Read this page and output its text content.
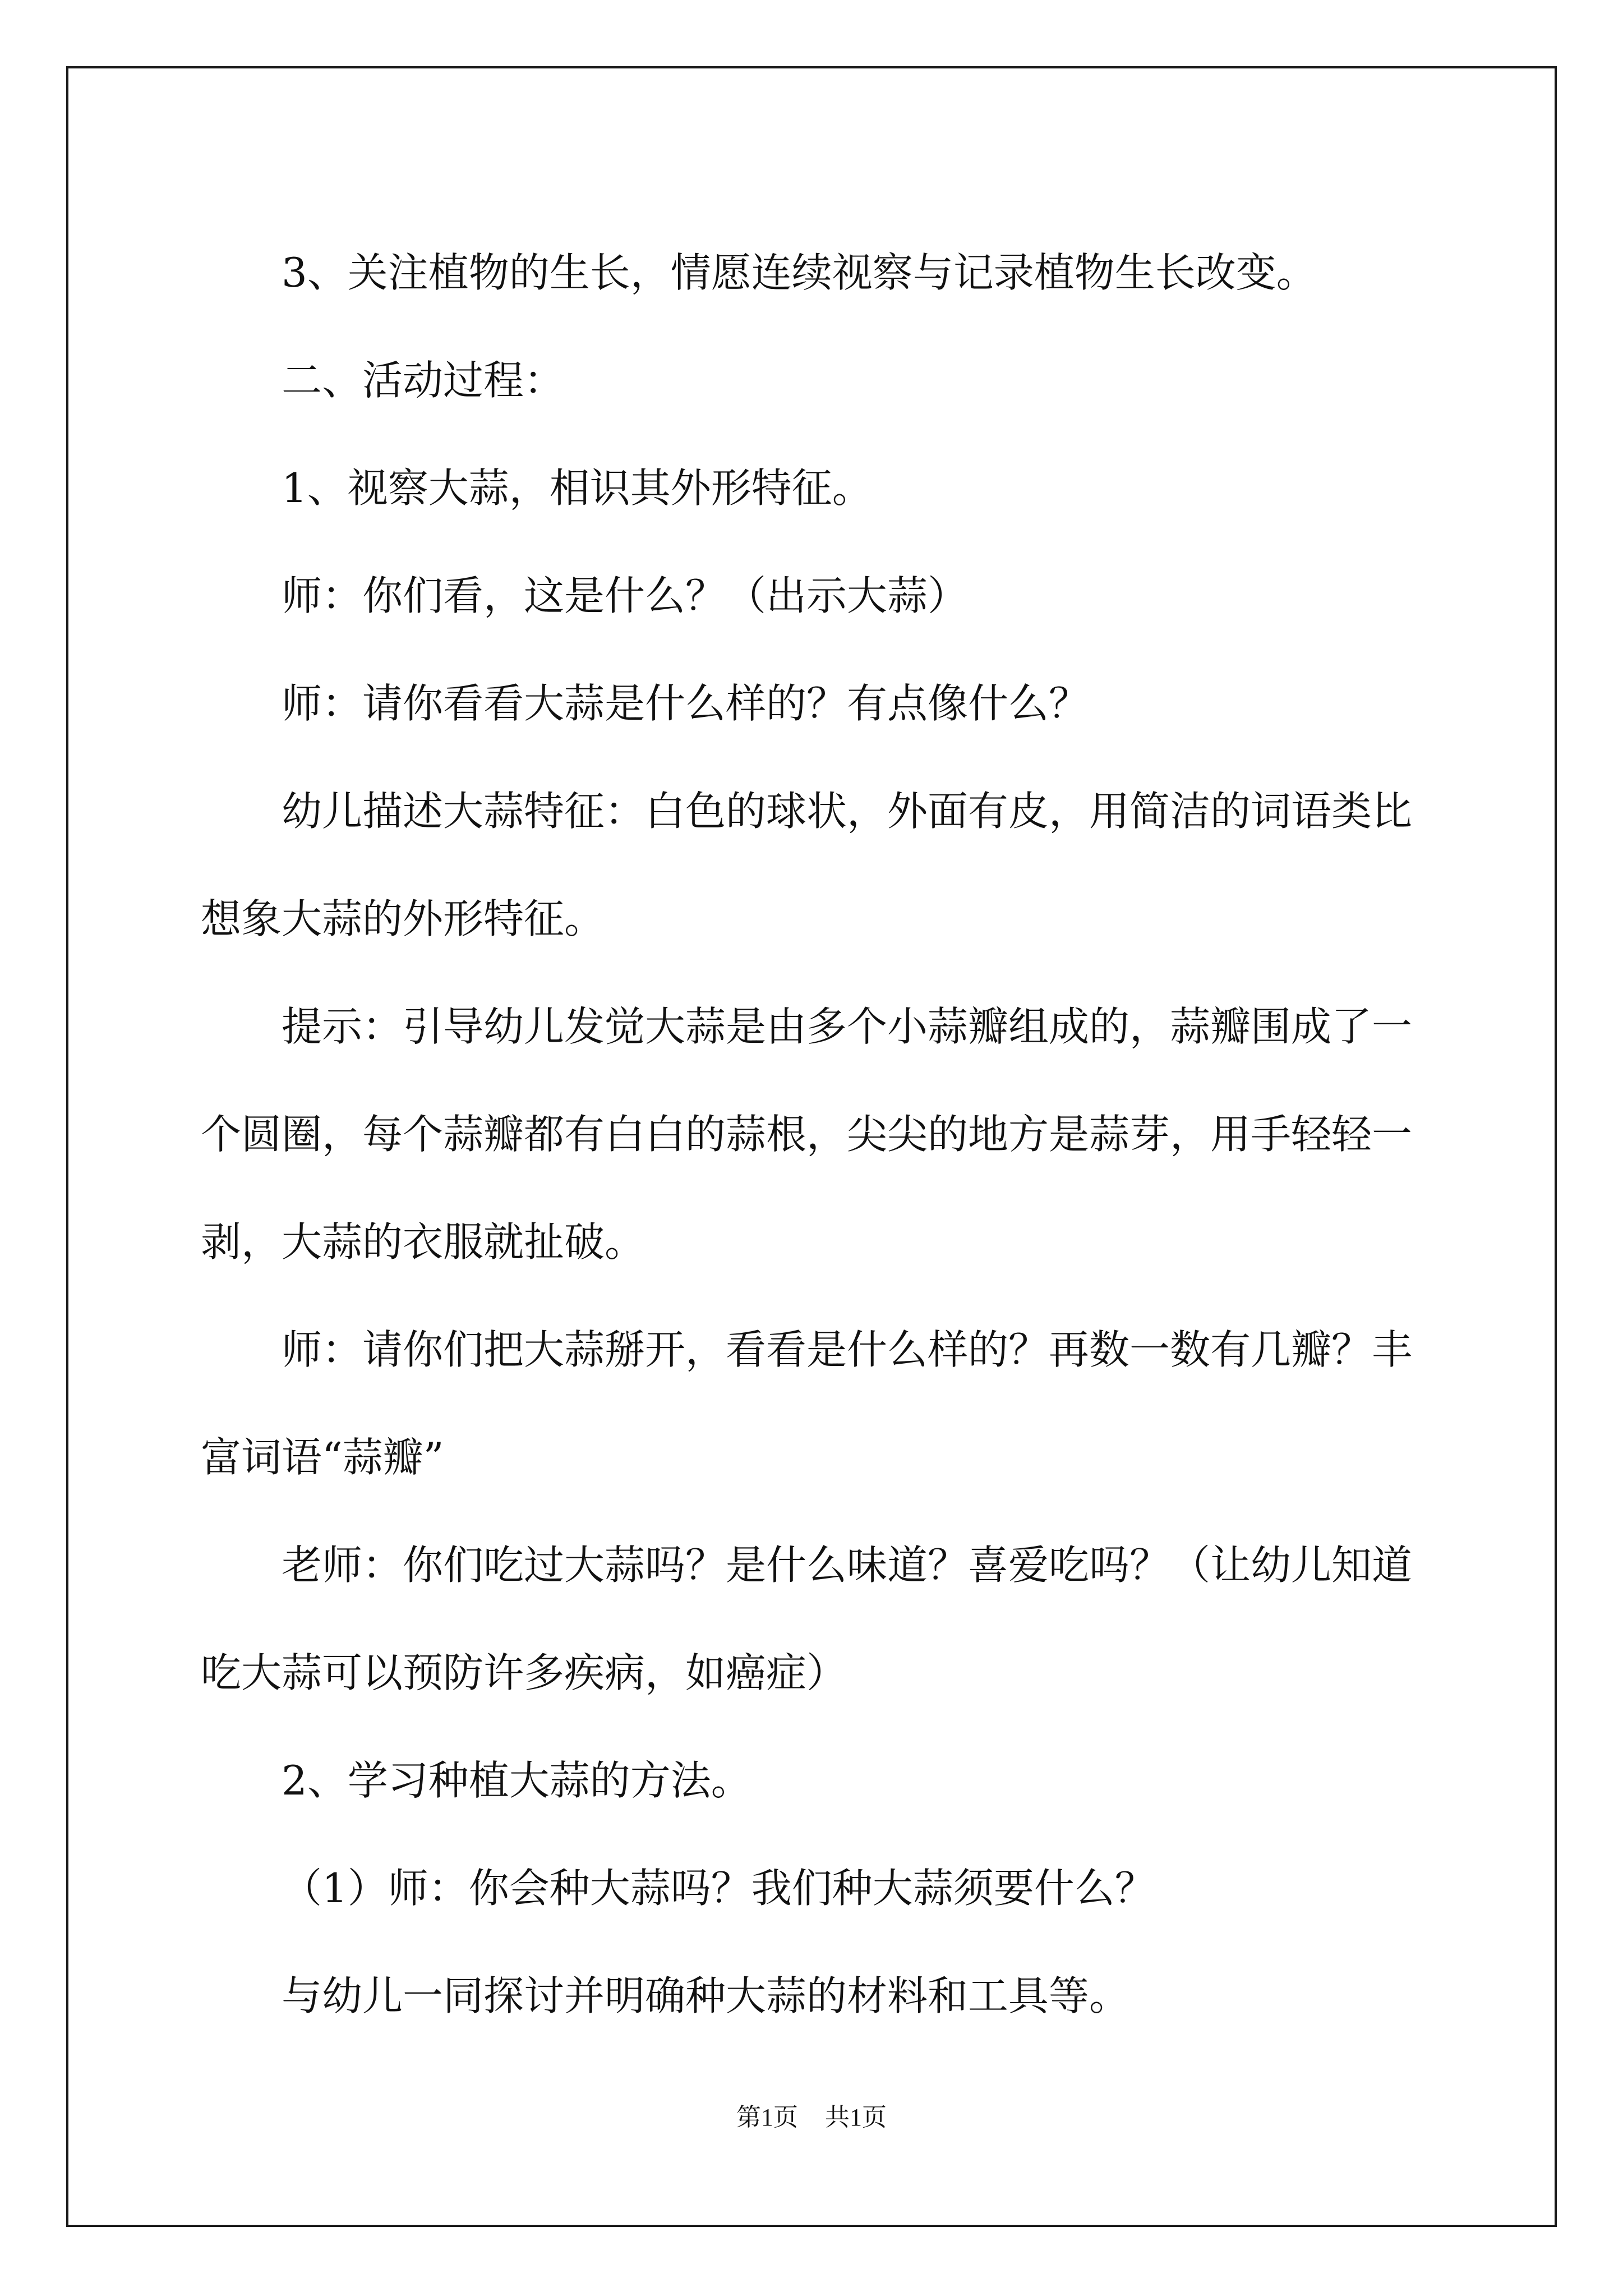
3、关注植物的生长，情愿连续视察与记录植物生长改变。

二、活动过程：

1、视察大蒜，相识其外形特征。

师：你们看，这是什么？（出示大蒜）

师：请你看看大蒜是什么样的？有点像什么？

幼儿描述大蒜特征：白色的球状，外面有皮，用简洁的词语类比想象大蒜的外形特征。

提示：引导幼儿发觉大蒜是由多个小蒜瓣组成的，蒜瓣围成了一个圆圈，每个蒜瓣都有白白的蒜根，尖尖的地方是蒜芽，用手轻轻一剥，大蒜的衣服就扯破。

师：请你们把大蒜掰开，看看是什么样的？再数一数有几瓣？丰富词语“蒜瓣”

老师：你们吃过大蒜吗？是什么味道？喜爱吃吗？（让幼儿知道吃大蒜可以预防许多疾病，如癌症）

2、学习种植大蒜的方法。

（1）师：你会种大蒜吗？我们种大蒜须要什么？

与幼儿一同探讨并明确种大蒜的材料和工具等。

第1页 共1页
